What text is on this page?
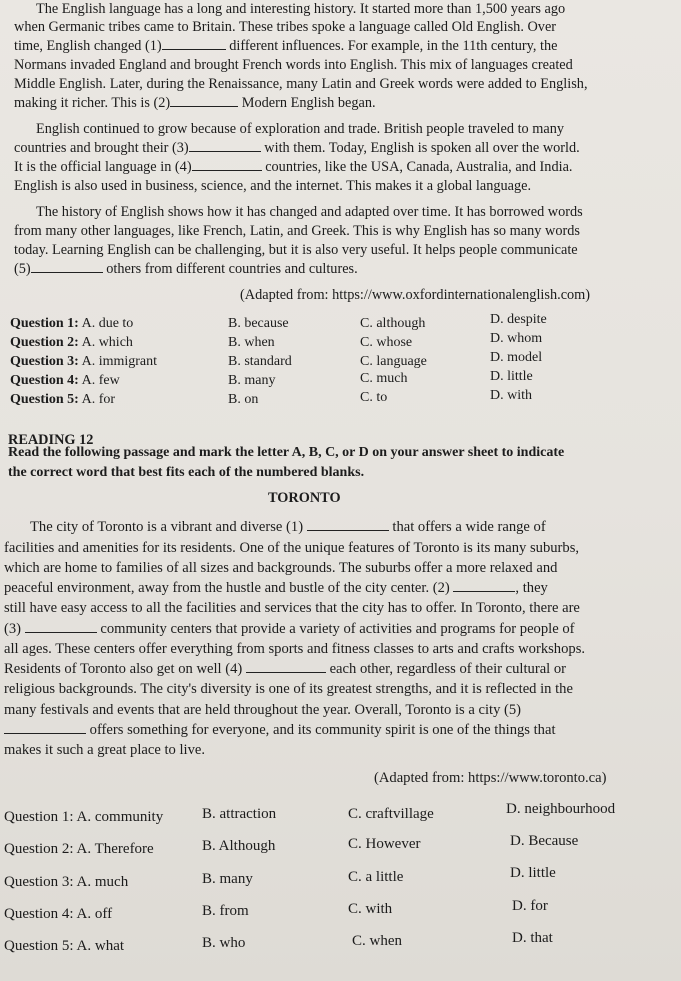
The English language has a long and interesting history. It started more than 1,500 years ago
when Germanic tribes came to Britain. These tribes spoke a language called Old English. Over
time, English changed (1)	different influences. For example, in the 11th century, the
Normans invaded England and brought French words into English. This mix of languages created
Middle English. Later, during the Renaissance, many Latin and Greek words were added to English,
making it richer. This is (2)	Modern English began.
English continued to grow because of exploration and trade. British people traveled to many
countries and brought their (3)	with them. Today, English is spoken all over the world.
It is the official language in (4)	countries, like the USA, Canada, Australia, and India.
English is also used in business, science, and the internet. This makes it a global language.
The history of English shows how it has changed and adapted over time. It has borrowed words
from many other languages, like French, Latin, and Greek. This is why English has so many words
today. Learning English can be challenging, but it is also very useful. It helps people communicate
(5)	others from different countries and cultures.
(Adapted from: https://www.oxfordinternationalenglish.com)
Question 1: A. due to	B. because	C. although	D. despite
Question 2: A. which	B. when	C. whose	D. whom
Question 3: A. immigrant	B. standard	C. language	D. model
Question 4: A. few	B. many	C. much	D. little
Question 5: A. for	B. on	C. to	D. with
READING 12
Read the following passage and mark the letter A, B, C, or D on your answer sheet to indicate
the correct word that best fits each of the numbered blanks.
TORONTO
The city of Toronto is a vibrant and diverse (1)	that offers a wide range of
facilities and amenities for its residents. One of the unique features of Toronto is its many suburbs,
which are home to families of all sizes and backgrounds. The suburbs offer a more relaxed and
peaceful environment, away from the hustle and bustle of the city center. (2)	, they
still have easy access to all the facilities and services that the city has to offer. In Toronto, there are
(3)	community centers that provide a variety of activities and programs for people of
all ages. These centers offer everything from sports and fitness classes to arts and crafts workshops.
Residents of Toronto also get on well (4)	each other, regardless of their cultural or
religious backgrounds. The city's diversity is one of its greatest strengths, and it is reflected in the
many festivals and events that are held throughout the year. Overall, Toronto is a city (5)
offers something for everyone, and its community spirit is one of the things that
makes it such a great place to live.
(Adapted from: https://www.toronto.ca)
Question 1: A. community	B. attraction	C. craftvillage	D. neighbourhood
Question 2: A. Therefore	B. Although	C. However	D. Because
Question 3: A. much	B. many	C. a little	D. little
Question 4: A. off	B. from	C. with	D. for
Question 5: A. what	B. who	C. when	D. that
